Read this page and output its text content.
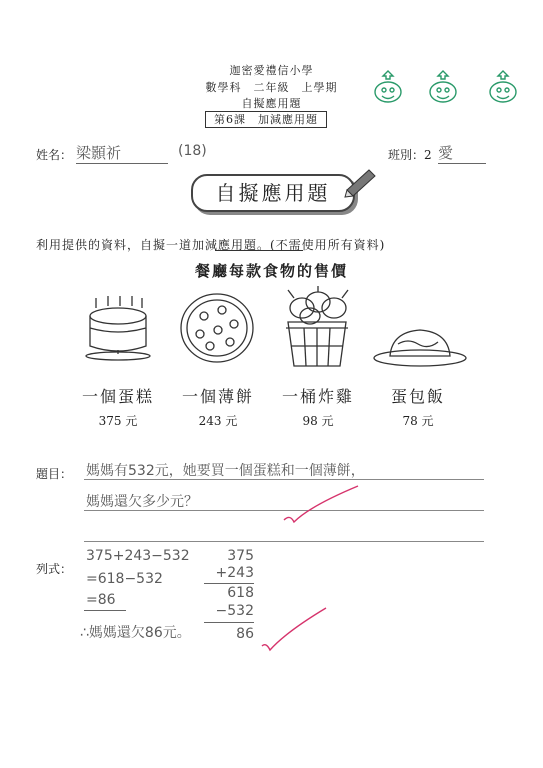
迦密愛禮信小學
數學科　二年級　上學期
自擬應用題
第6課　加減應用題
姓名： 梁顥祈	(18)	班別：2 愛
自擬應用題
利用提供的資料，自擬一道加減應用題。(不需使用所有資料)
餐廳每款食物的售價
一個蛋糕	一個薄餅	一桶炸雞	蛋包飯
375 元	243 元	98 元	78 元
題目： 媽媽有532元，她要買一個蛋糕和一個薄餅，
媽媽還欠多少元？
列式：
375+243−532
=618−532
=86
∴媽媽還欠86元。
375
+243
618
−532
86
